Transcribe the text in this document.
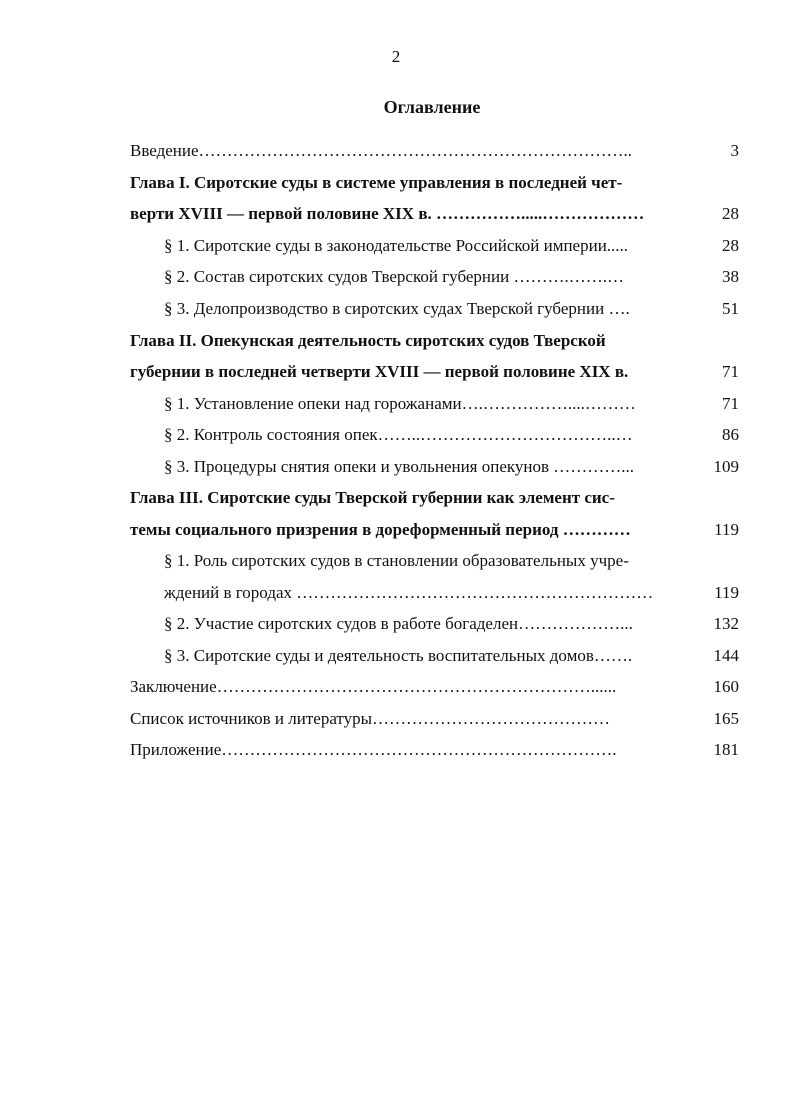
2
Оглавление
Введение…………………………………………………………………..	3
Глава I. Сиротские суды в системе управления в последней чет-
верти XVIII — первой половине XIX в. …………….....………………	28
§ 1. Сиротские суды в законодательстве Российской империи.....	28
§ 2. Состав сиротских судов Тверской губернии ……….…….…	38
§ 3. Делопроизводство в сиротских судах Тверской губернии ….	51
Глава II. Опекунская деятельность сиротских судов Тверской
губернии в последней четверти XVIII — первой половине XIX в.	71
§ 1. Установление опеки над горожанами….……………....………	71
§ 2. Контроль состояния опек……..……………………………..…	86
§ 3. Процедуры снятия опеки и увольнения опекунов …………...	109
Глава III. Сиротские суды Тверской губернии как элемент сис-
темы социального призрения в дореформенный период …………	119
§ 1. Роль сиротских судов в становлении образовательных учре-
ждений в городах ………………………………………………………	119
§ 2. Участие сиротских судов в работе богаделен………………...	132
§ 3. Сиротские суды и деятельность воспитательных домов…….	144
Заключение…………………………………………………………......	160
Список источников и литературы……………………………………	165
Приложение…………………………………………………………….	181
